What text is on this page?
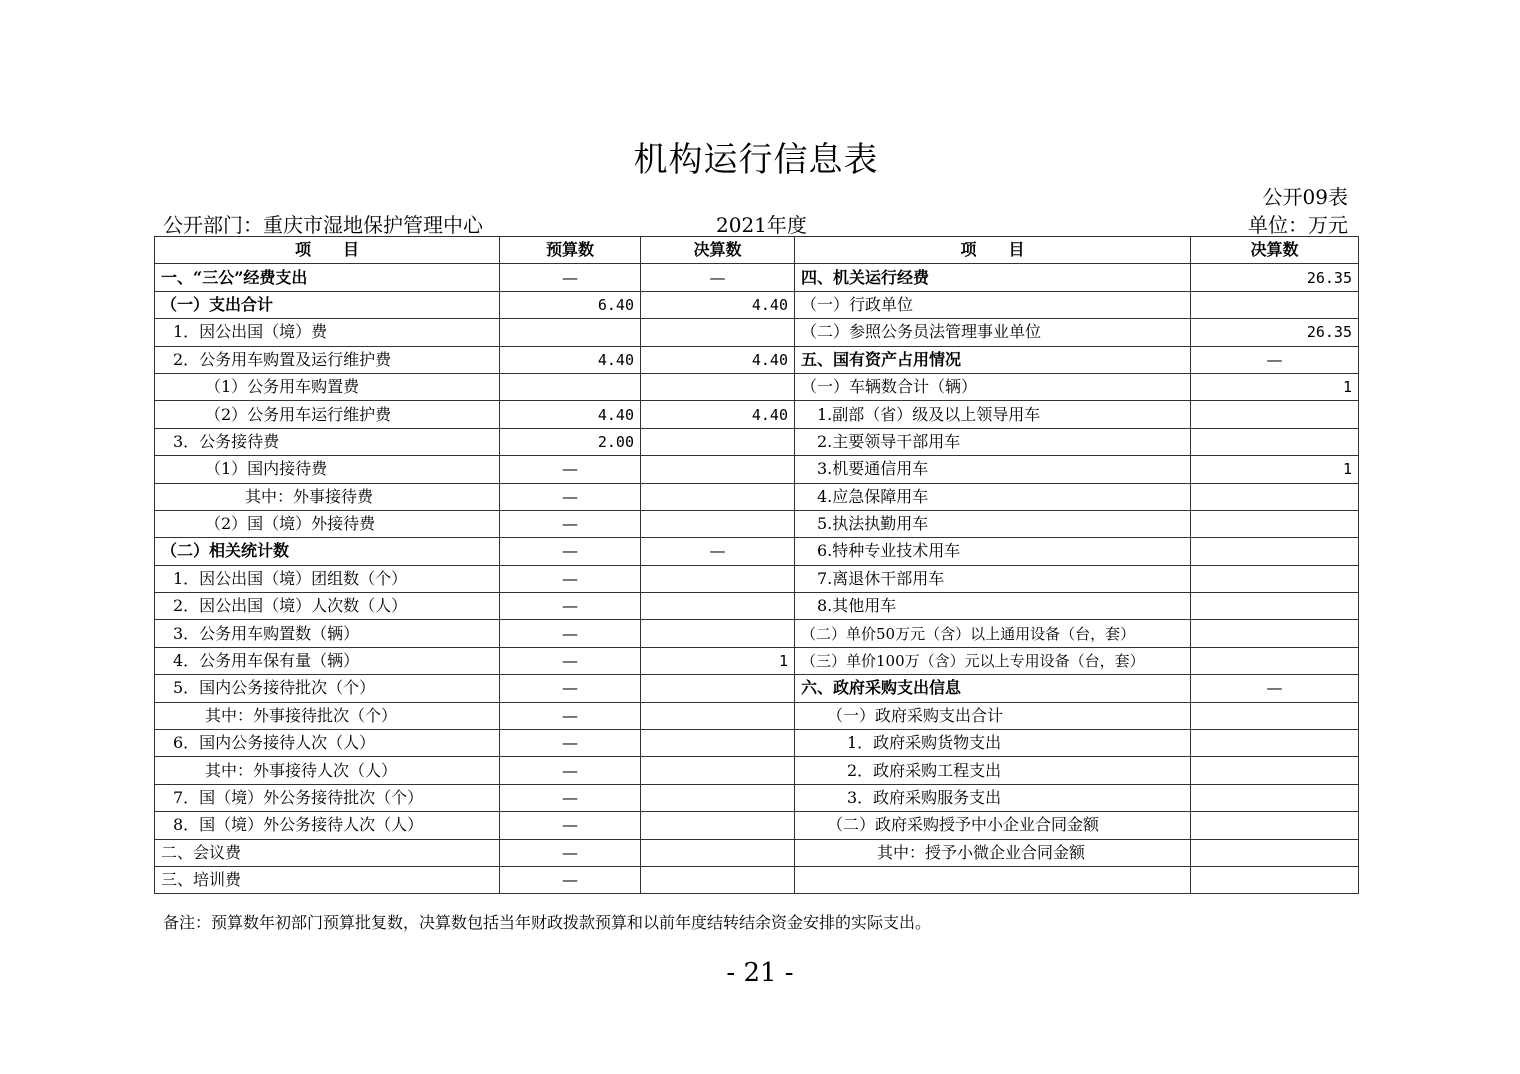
机构运行信息表
公开09表
公开部门：重庆市湿地保护管理中心	2021年度	单位：万元
项　　目	预算数	决算数	项　　目	决算数
一、“三公”经费支出	—	—	四、机关运行经费	26.35
（一）支出合计	6.40	4.40	（一）行政单位	
1．因公出国（境）费			（二）参照公务员法管理事业单位	26.35
2．公务用车购置及运行维护费	4.40	4.40	五、国有资产占用情况	—
（1）公务用车购置费			（一）车辆数合计（辆）	1
（2）公务用车运行维护费	4.40	4.40	1.副部（省）级及以上领导用车	
3．公务接待费	2.00		2.主要领导干部用车	
（1）国内接待费	—		3.机要通信用车	1
其中：外事接待费	—		4.应急保障用车	
（2）国（境）外接待费	—		5.执法执勤用车	
（二）相关统计数	—	—	6.特种专业技术用车	
1．因公出国（境）团组数（个）	—		7.离退休干部用车	
2．因公出国（境）人次数（人）	—		8.其他用车	
3．公务用车购置数（辆）	—		（二）单价50万元（含）以上通用设备（台，套）	
4．公务用车保有量（辆）	—	1	（三）单价100万（含）元以上专用设备（台，套）	
5．国内公务接待批次（个）	—		六、政府采购支出信息	—
其中：外事接待批次（个）	—		（一）政府采购支出合计	
6．国内公务接待人次（人）	—		1．政府采购货物支出	
其中：外事接待人次（人）	—		2．政府采购工程支出	
7．国（境）外公务接待批次（个）	—		3．政府采购服务支出	
8．国（境）外公务接待人次（人）	—		（二）政府采购授予中小企业合同金额	
二、会议费	—		其中：授予小微企业合同金额	
三、培训费	—			
备注：预算数年初部门预算批复数，决算数包括当年财政拨款预算和以前年度结转结余资金安排的实际支出。
- 21 -
